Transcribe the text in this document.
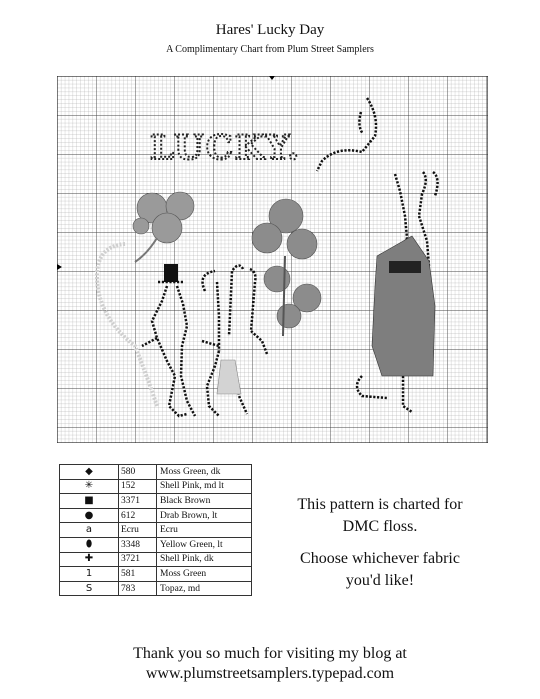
Hares' Lucky Day
A Complimentary Chart from Plum Street Samplers
LUCKY.
◆	580	Moss Green, dk
✳	152	Shell Pink, md lt
■	3371	Black Brown
●	612	Drab Brown, lt
a	Ecru	Ecru
⬮	3348	Yellow Green, lt
✚	3721	Shell Pink, dk
1	581	Moss Green
S	783	Topaz, md
This pattern is charted for
DMC floss.
Choose whichever fabric
you'd like!
Thank you so much for visiting my blog at
www.plumstreetsamplers.typepad.com
